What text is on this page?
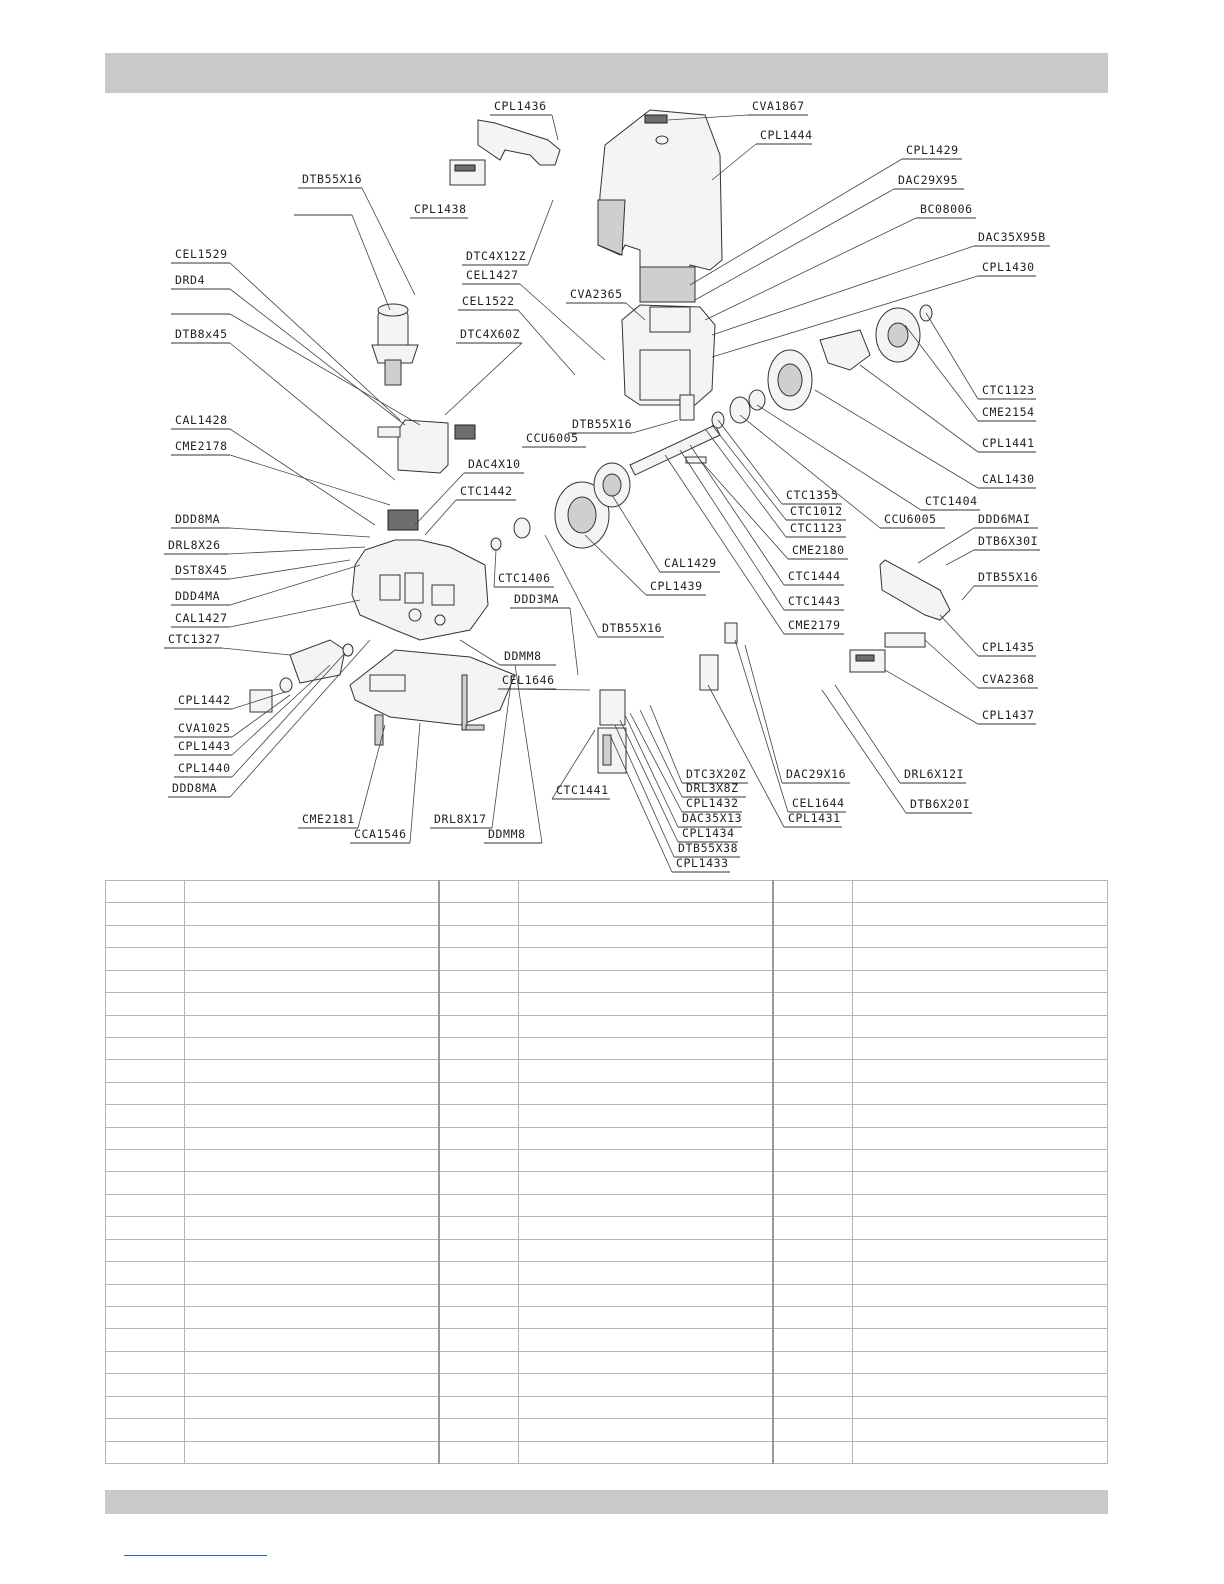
CPL1436	CVA1867
CPL1444
CPL1429
DAC29X95
BC08006
DAC35X95B
CPL1430
DTB55X16
CPL1438
DTC4X12Z
CEL1427
CVA2365
CEL1522
DTC4X60Z
CEL1529
DRD4
DTB8x45
CAL1428
CME2178
CTC1123
CME2154
CPL1441
CAL1430
CTC1404
CCU6005	DDD6MAI
DTB6X30I
DTB55X16
DTB55X16
CTC1355
CTC1012
CTC1123
CME2180
CTC1444
CTC1443
CME2179
DAC4X10
CTC1442
CCU6005
CAL1429
CPL1439
CTC1406
DDD3MA
DTB55X16
DDD8MA
DRL8X26
DST8X45
DDD4MA
CAL1427
CTC1327
CPL1442
CVA1025
CPL1443
CPL1440
DDD8MA
DDMM8
CEL1646
CTC1441
DTC3X20Z
DRL3X8Z
CPL1432
DAC35X13
CPL1434
DTB55X38
CPL1433
DAC29X16
CEL1644
CPL1431
DRL6X12I
DTB6X20I
CPL1435
CVA2368
CPL1437
CME2181
CCA1546
DRL8X17
DDMM8
